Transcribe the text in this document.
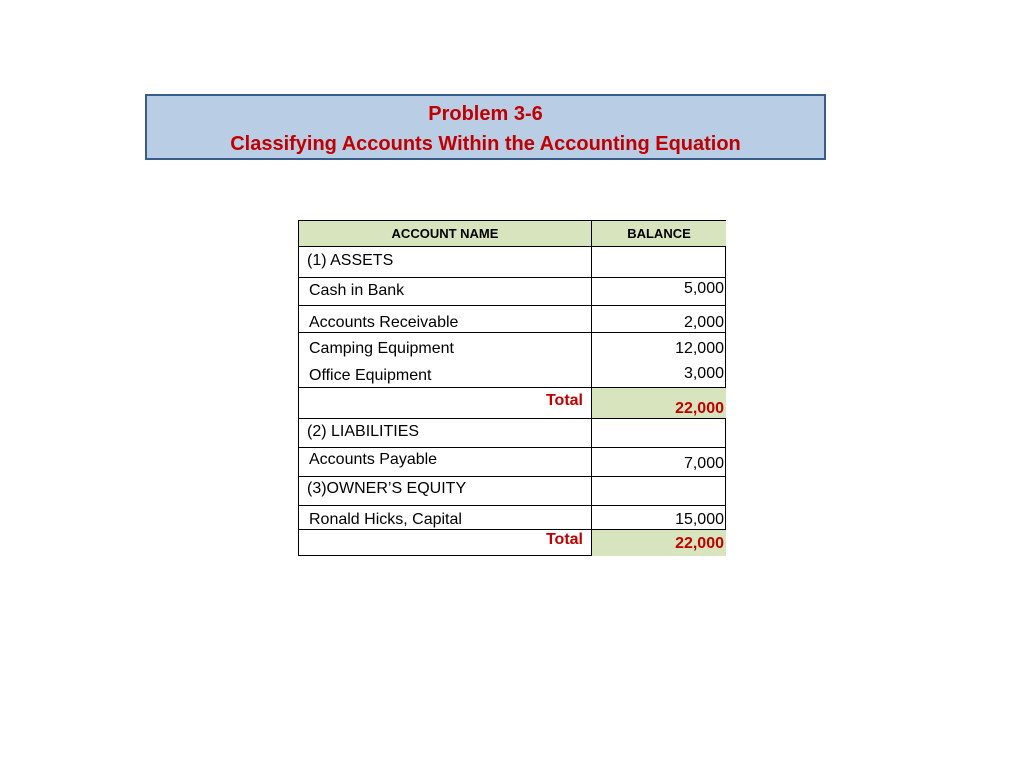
Problem 3-6
Classifying Accounts Within the Accounting Equation
ACCOUNT NAME	BALANCE
(1) ASSETS
Cash in Bank	5,000
Accounts Receivable	2,000
Camping Equipment	12,000
Office Equipment	3,000
Total	22,000
(2) LIABILITIES
Accounts Payable	7,000
(3)OWNER’S EQUITY
Ronald Hicks, Capital	15,000
Total	22,000
